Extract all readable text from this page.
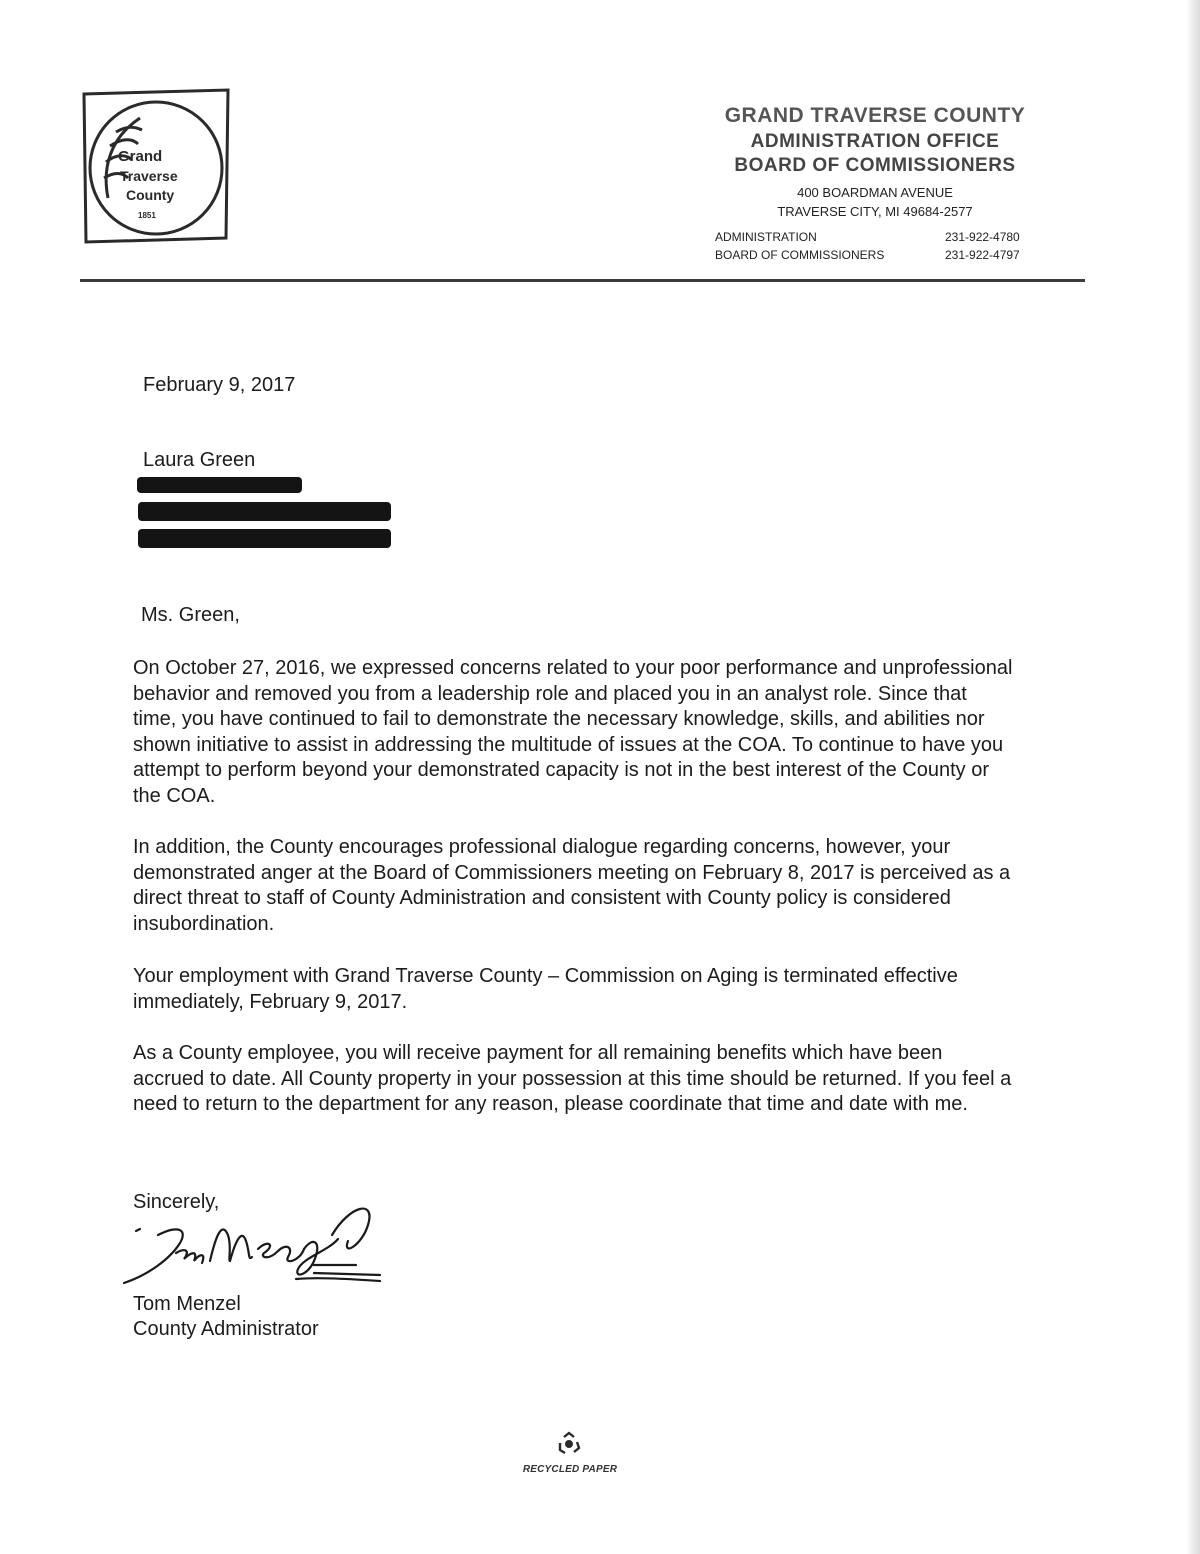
Grand
Traverse
County
1851
GRAND TRAVERSE COUNTY
ADMINISTRATION OFFICE
BOARD OF COMMISSIONERS
400 BOARDMAN AVENUE
TRAVERSE CITY, MI 49684-2577
ADMINISTRATION	231-922-4780
BOARD OF COMMISSIONERS	231-922-4797
February 9, 2017
Laura Green
Ms. Green,
On October 27, 2016, we expressed concerns related to your poor performance and unprofessional behavior and removed you from a leadership role and placed you in an analyst role. Since that time, you have continued to fail to demonstrate the necessary knowledge, skills, and abilities nor shown initiative to assist in addressing the multitude of issues at the COA. To continue to have you attempt to perform beyond your demonstrated capacity is not in the best interest of the County or the COA.
In addition, the County encourages professional dialogue regarding concerns, however, your demonstrated anger at the Board of Commissioners meeting on February 8, 2017 is perceived as a direct threat to staff of County Administration and consistent with County policy is considered insubordination.
Your employment with Grand Traverse County – Commission on Aging is terminated effective immediately, February 9, 2017.
As a County employee, you will receive payment for all remaining benefits which have been accrued to date. All County property in your possession at this time should be returned. If you feel a need to return to the department for any reason, please coordinate that time and date with me.
Sincerely,
Tom Menzel
County Administrator
RECYCLED PAPER
